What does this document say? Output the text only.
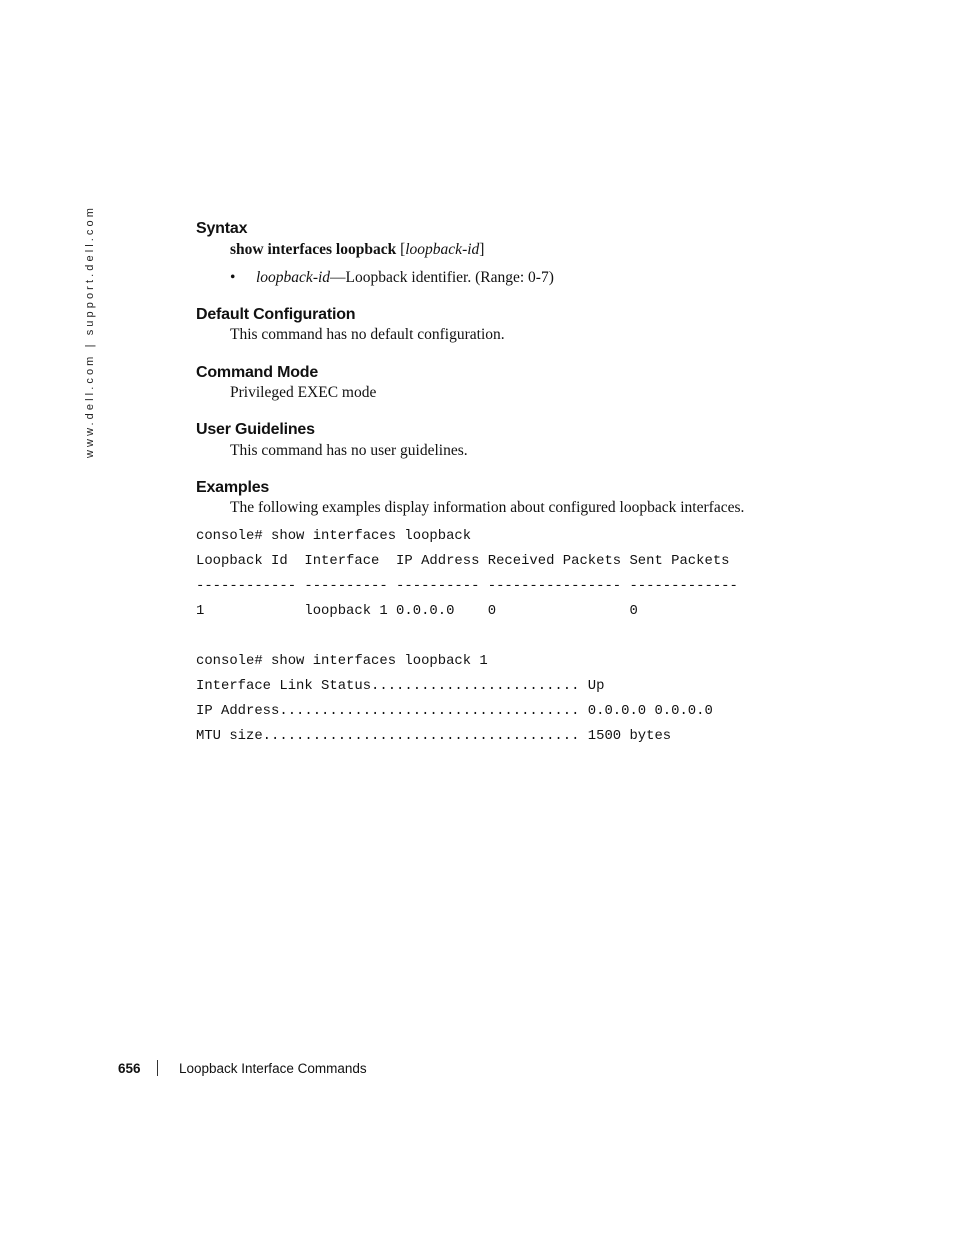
www.dell.com | support.dell.com	Syntax

show interfaces loopback [loopback-id]

• loopback-id—Loopback identifier. (Range: 0-7)

Default Configuration

This command has no default configuration.

Command Mode

Privileged EXEC mode

User Guidelines

This command has no user guidelines.

Examples

The following examples display information about configured loopback interfaces.

console# show interfaces loopback
Loopback Id  Interface  IP Address Received Packets Sent Packets
------------ ---------- ---------- ---------------- -------------
1            loopback 1 0.0.0.0    0                0
console# show interfaces loopback 1
Interface Link Status......................... Up
IP Address.................................... 0.0.0.0 0.0.0.0
MTU size...................................... 1500 bytes
656	Loopback Interface Commands
